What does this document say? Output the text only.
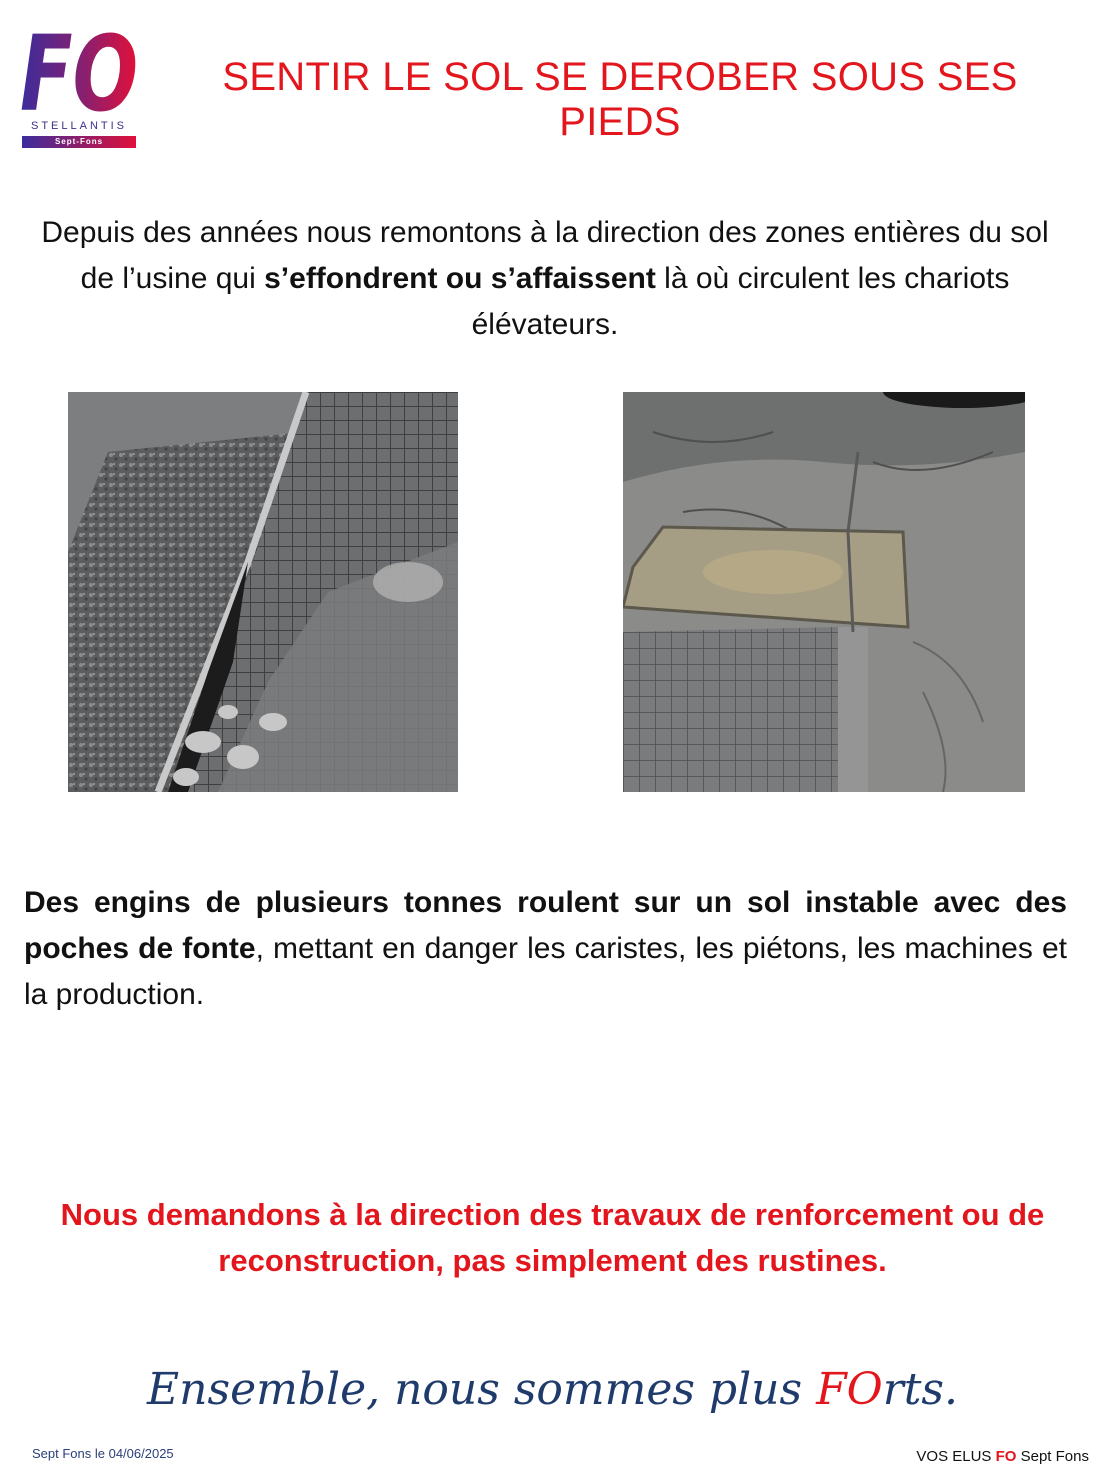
FO
STELLANTIS
Sept-Fons
SENTIR LE SOL SE DEROBER SOUS SES PIEDS
Depuis des années nous remontons à la direction des zones entières du sol de l’usine qui s’effondrent ou s’affaissent là où circulent les chariots élévateurs.
Des engins de plusieurs tonnes roulent sur un sol instable avec des poches de fonte, mettant en danger les caristes, les piétons, les machines et la production.
Nous demandons à la direction des travaux de renforcement ou de
reconstruction, pas simplement des rustines.
Ensemble, nous sommes plus FOrts.
Sept Fons le 04/06/2025	VOS ELUS FO Sept Fons
